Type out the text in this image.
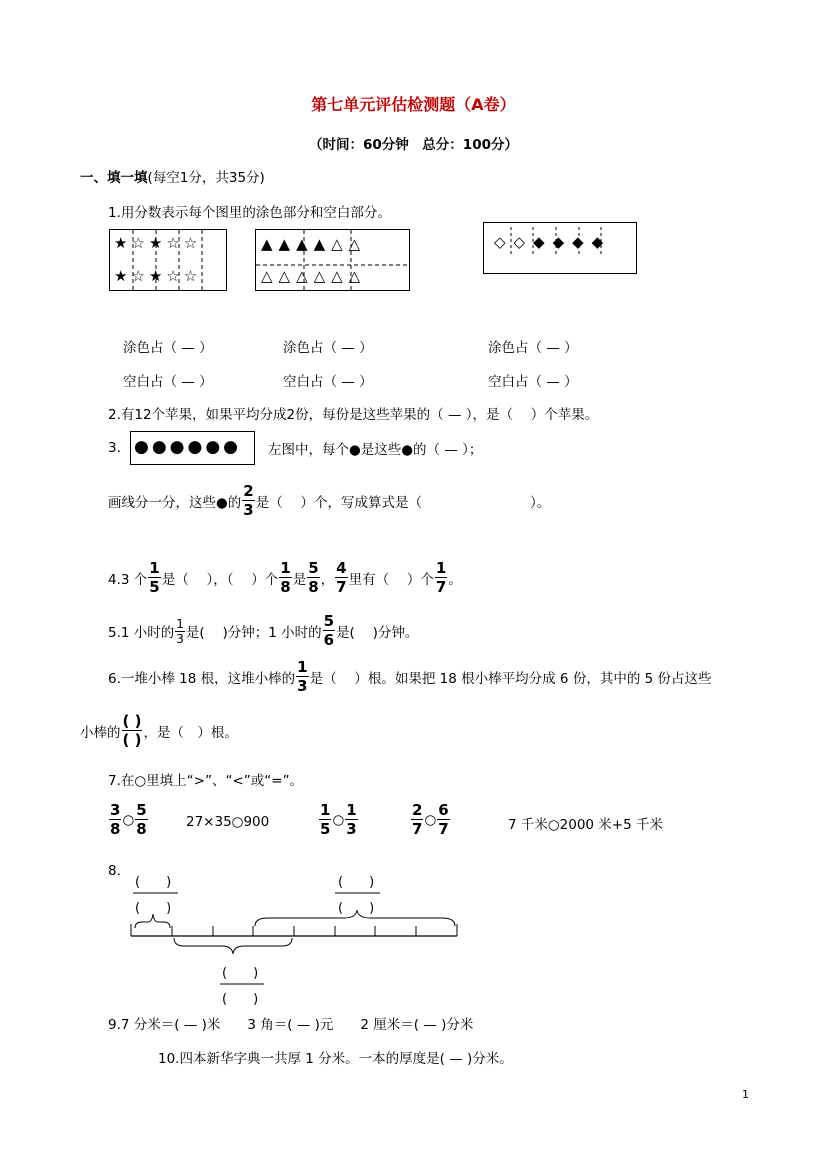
第七单元评估检测题（A卷）
（时间：60分钟　总分：100分）
一、填一填(每空1分，共35分)
1.用分数表示每个图里的涂色部分和空白部分。
★☆★☆☆
★☆★☆☆
▲▲▲▲△△
△△△△△△
◇◇◆◆◆◆
涂色占（ — ）	涂色占（ — ）	涂色占（ — ）
空白占（ — ）	空白占（ — ）	空白占（ — ）
2.有12个苹果，如果平均分成2份，每份是这些苹果的（ — ），是（　 ）个苹果。
3. ●●●●●● 左图中，每个●是这些●的（ — ）；
画线分一分，这些●的 $\frac{2}{3}$ 是（　 ）个，写成算式是（　　　　　　　　）。
4.3 个 $\frac{1}{5}$ 是（　 ），（　 ）个 $\frac{1}{8}$ 是 $\frac{5}{8}$ ， $\frac{4}{7}$ 里有（　 ）个 $\frac{1}{7}$ 。
5.1 小时的
1
3 是(　 )分钟；1 小时的 $\frac{5}{6}$ 是(　 )分钟。
6.一堆小棒 18 根，这堆小棒的 $\frac{1}{3}$ 是（　 ）根。如果把 18 根小棒平均分成 6 份，其中的 5 份占这些
小棒的 $\frac{( )}{( )}$ ，是（　）根。
7.在○里填上“>”、“<”或“=”。
$\frac{3}{8}$ ○ $\frac{5}{8}$	27×35○900	$\frac{1}{5}$ ○ $\frac{1}{3}$	$\frac{2}{7}$ ○ $\frac{6}{7}$	7 千米○2000 米+5 千米
8.
(　　)
(　　)
(　　)
(　　)
(　　)
(　　)
9.7 分米＝( — )米　　3 角＝( — )元　　2 厘米＝( — )分米
10.四本新华字典一共厚 1 分米。一本的厚度是( — )分米。
1
